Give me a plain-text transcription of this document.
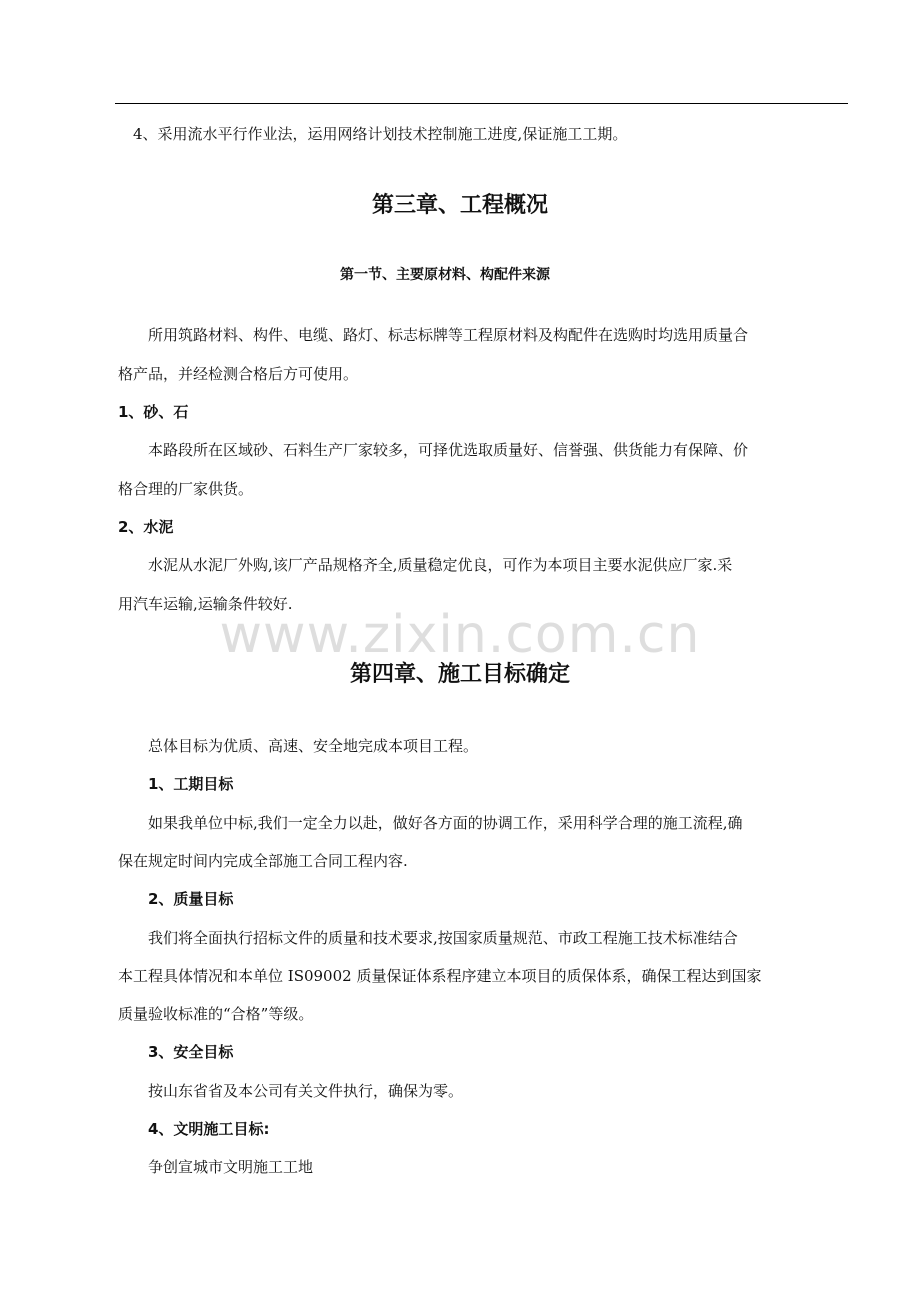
4、采用流水平行作业法，运用网络计划技术控制施工进度,保证施工工期。
第三章、工程概况
第一节、主要原材料、构配件来源
所用筑路材料、构件、电缆、路灯、标志标牌等工程原材料及构配件在选购时均选用质量合
格产品，并经检测合格后方可使用。
1、砂、石
本路段所在区域砂、石料生产厂家较多，可择优选取质量好、信誉强、供货能力有保障、价
格合理的厂家供货。
2、水泥
水泥从水泥厂外购,该厂产品规格齐全,质量稳定优良，可作为本项目主要水泥供应厂家.采
用汽车运输,运输条件较好.
www.zixin.com.cn
第四章、施工目标确定
总体目标为优质、高速、安全地完成本项目工程。
1、工期目标
如果我单位中标,我们一定全力以赴，做好各方面的协调工作，采用科学合理的施工流程,确
保在规定时间内完成全部施工合同工程内容.
2、质量目标
我们将全面执行招标文件的质量和技术要求,按国家质量规范、市政工程施工技术标准结合
本工程具体情况和本单位 IS09002 质量保证体系程序建立本项目的质保体系，确保工程达到国家
质量验收标准的“合格”等级。
3、安全目标
按山东省省及本公司有关文件执行，确保为零。
4、文明施工目标:
争创宣城市文明施工工地
